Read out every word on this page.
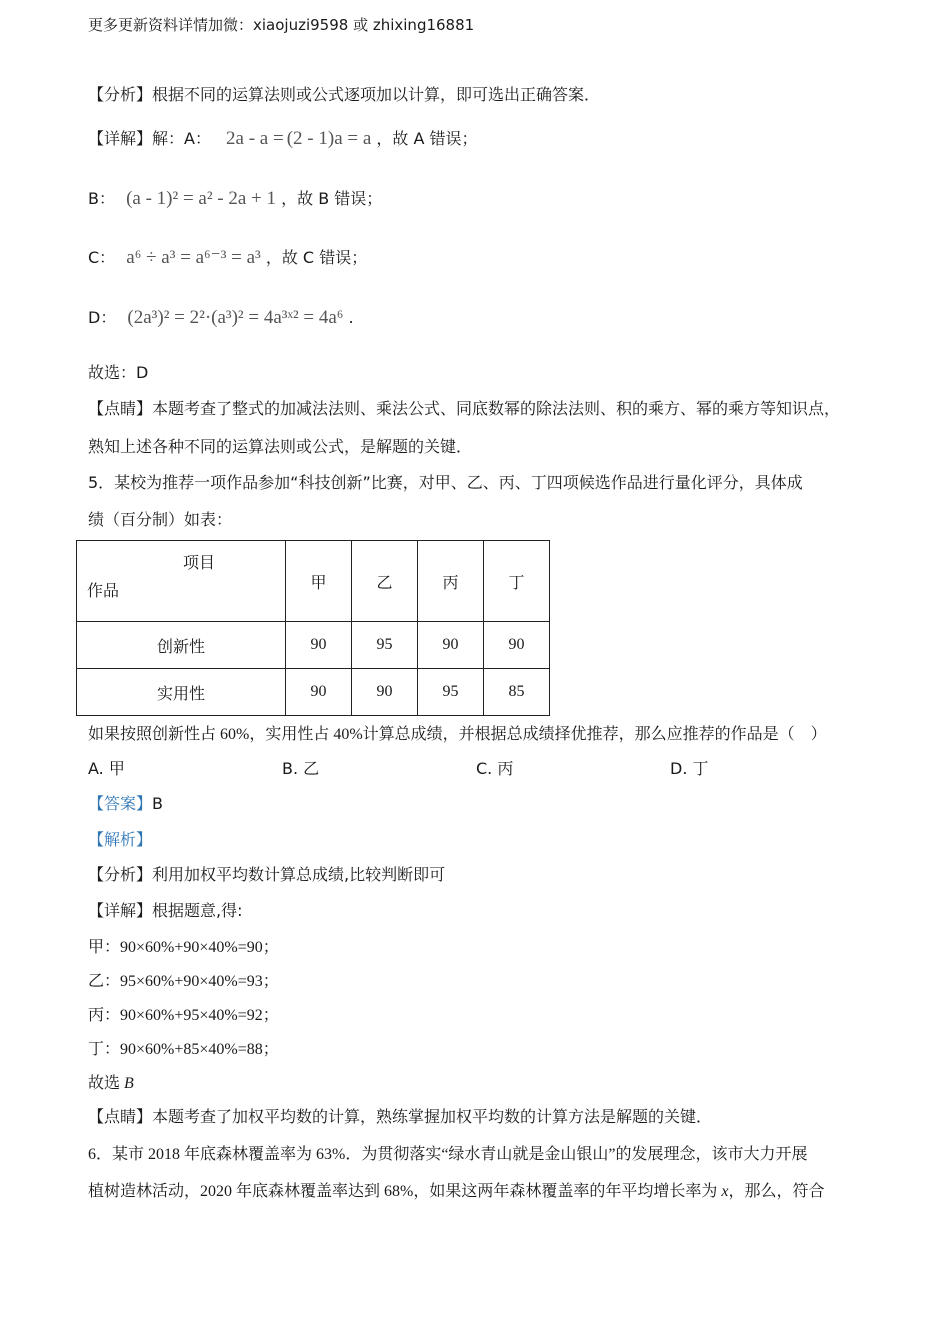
更多更新资料详情加微：xiaojuzi9598 或 zhixing16881
【分析】根据不同的运算法则或公式逐项加以计算，即可选出正确答案．
【详解】解：A： 2a - a = (2 - 1)a = a ，故 A 错误；
B： (a - 1)² = a² - 2a + 1 ，故 B 错误；
C： a⁶ ÷ a³ = a⁶⁻³ = a³ ，故 C 错误；
D： (2a³)² = 2²·(a³)² = 4a³ˣ² = 4a⁶ .
故选：D
【点睛】本题考查了整式的加减法法则、乘法公式、同底数幂的除法法则、积的乘方、幂的乘方等知识点，
熟知上述各种不同的运算法则或公式，是解题的关键．
5．某校为推荐一项作品参加“科技创新”比赛，对甲、乙、丙、丁四项候选作品进行量化评分，具体成
绩（百分制）如表：
项目
作品	甲	乙	丙	丁
创新性	90	95	90	90
实用性	90	90	95	85
如果按照创新性占 60%，实用性占 40%计算总成绩，并根据总成绩择优推荐，那么应推荐的作品是（　）
A. 甲	B. 乙	C. 丙	D. 丁
【答案】B
【解析】
【分析】利用加权平均数计算总成绩,比较判断即可
【详解】根据题意,得:
甲：90×60%+90×40%=90；
乙：95×60%+90×40%=93；
丙：90×60%+95×40%=92；
丁：90×60%+85×40%=88；
故选 B
【点睛】本题考查了加权平均数的计算，熟练掌握加权平均数的计算方法是解题的关键．
6．某市 2018 年底森林覆盖率为 63%．为贯彻落实“绿水青山就是金山银山”的发展理念，该市大力开展
植树造林活动，2020 年底森林覆盖率达到 68%，如果这两年森林覆盖率的年平均增长率为 x，那么，符合
